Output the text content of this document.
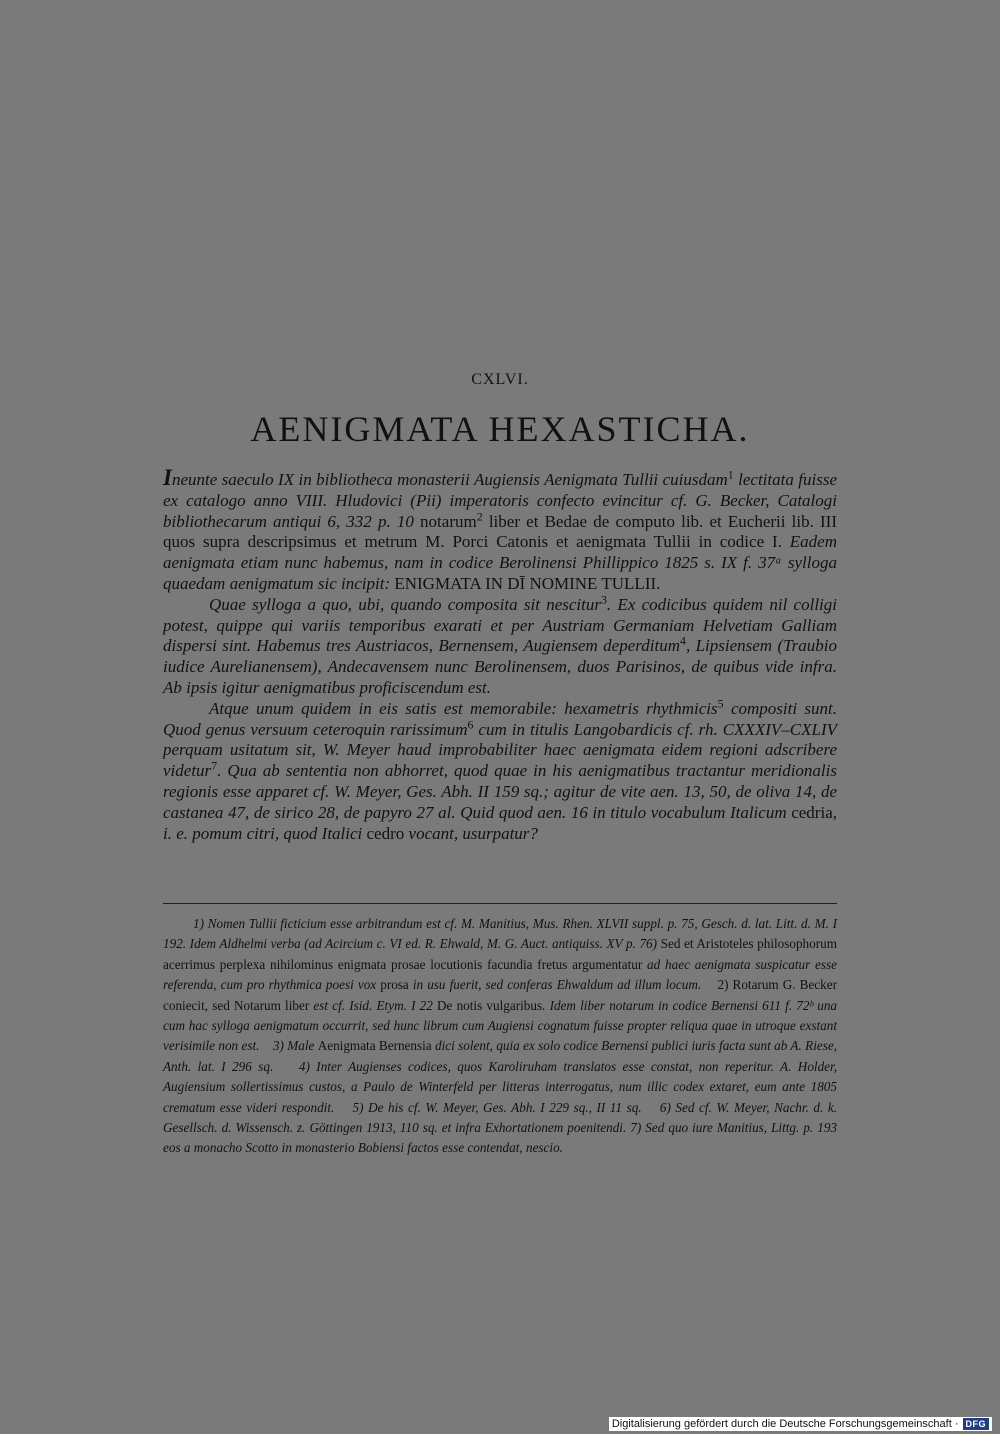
CXLVI.
AENIGMATA HEXASTICHA.

Ineunte saeculo IX in bibliotheca monasterii Augiensis Aenigmata Tullii cuiusdam$^1$ lectitata fuisse ex catalogo anno VIII. Hludovici (Pii) imperatoris confecto evincitur cf. G. Becker, Catalogi bibliothecarum antiqui 6, 332 p. 10 notarum$^2$ liber et Bedae de computo lib. et Eucherii lib. III quos supra descripsimus et metrum M. Porci Catonis et aenigmata Tullii in codice I. Eadem aenigmata etiam nunc habemus, nam in codice Berolinensi Phillippico 1825 s. IX f. 37ᵃ sylloga quaedam aenigmatum sic incipit: ENIGMATA IN DĪ NOMINE TULLII.

Quae sylloga a quo, ubi, quando composita sit nescitur$^3$. Ex codicibus quidem nil colligi potest, quippe qui variis temporibus exarati et per Austriam Germaniam Helvetiam Galliam dispersi sint. Habemus tres Austriacos, Bernensem, Augiensem deperditum$^4$, Lipsiensem (Traubio iudice Aurelianensem), Andecavensem nunc Berolinensem, duos Parisinos, de quibus vide infra. Ab ipsis igitur aenigmatibus proficiscendum est.

Atque unum quidem in eis satis est memorabile: hexametris rhythmicis$^5$ compositi sunt. Quod genus versuum ceteroquin rarissimum$^6$ cum in titulis Langobardicis cf. rh. CXXXIV–CXLIV perquam usitatum sit, W. Meyer haud improbabiliter haec aenigmata eidem regioni adscribere videtur$^7$. Qua ab sententia non abhorret, quod quae in his aenigmatibus tractantur meridionalis regionis esse apparet cf. W. Meyer, Ges. Abh. II 159 sq.; agitur de vite aen. 13, 50, de oliva 14, de castanea 47, de sirico 28, de papyro 27 al. Quid quod aen. 16 in titulo vocabulum Italicum cedria, i. e. pomum citri, quod Italici cedro vocant, usurpatur?

1) Nomen Tullii ficticium esse arbitrandum est cf. M. Manitius, Mus. Rhen. XLVII suppl. p. 75, Gesch. d. lat. Litt. d. M. I 192. Idem Aldhelmi verba (ad Acircium c. VI ed. R. Ehwald, M. G. Auct. antiquiss. XV p. 76) Sed et Aristoteles philosophorum acerrimus perplexa nihilominus enigmata prosae locutionis facundia fretus argumentatur ad haec aenigmata suspicatur esse referenda, cum pro rhythmica poesi vox prosa in usu fuerit, sed conferas Ehwaldum ad illum locum. 2) Rotarum G. Becker coniecit, sed Notarum liber est cf. Isid. Etym. I 22 De notis vulgaribus. Idem liber notarum in codice Bernensi 611 f. 72ᵇ una cum hac sylloga aenigmatum occurrit, sed hunc librum cum Augiensi cognatum fuisse propter reliqua quae in utroque exstant verisimile non est. 3) Male Aenigmata Bernensia dici solent, quia ex solo codice Bernensi publici iuris facta sunt ab A. Riese, Anth. lat. I 296 sq. 4) Inter Augienses codices, quos Karoliruham translatos esse constat, non reperitur. A. Holder, Augiensium sollertissimus custos, a Paulo de Winterfeld per litteras interrogatus, num illic codex extaret, eum ante 1805 crematum esse videri respondit. 5) De his cf. W. Meyer, Ges. Abh. I 229 sq., II 11 sq. 6) Sed cf. W. Meyer, Nachr. d. k. Gesellsch. d. Wissensch. z. Göttingen 1913, 110 sq. et infra Exhortationem poenitendi. 7) Sed quo iure Manitius, Littg. p. 193 eos a monacho Scotto in monasterio Bobiensi factos esse contendat, nescio.

Digitalisierung gefördert durch die Deutsche Forschungsgemeinschaft · DFG
